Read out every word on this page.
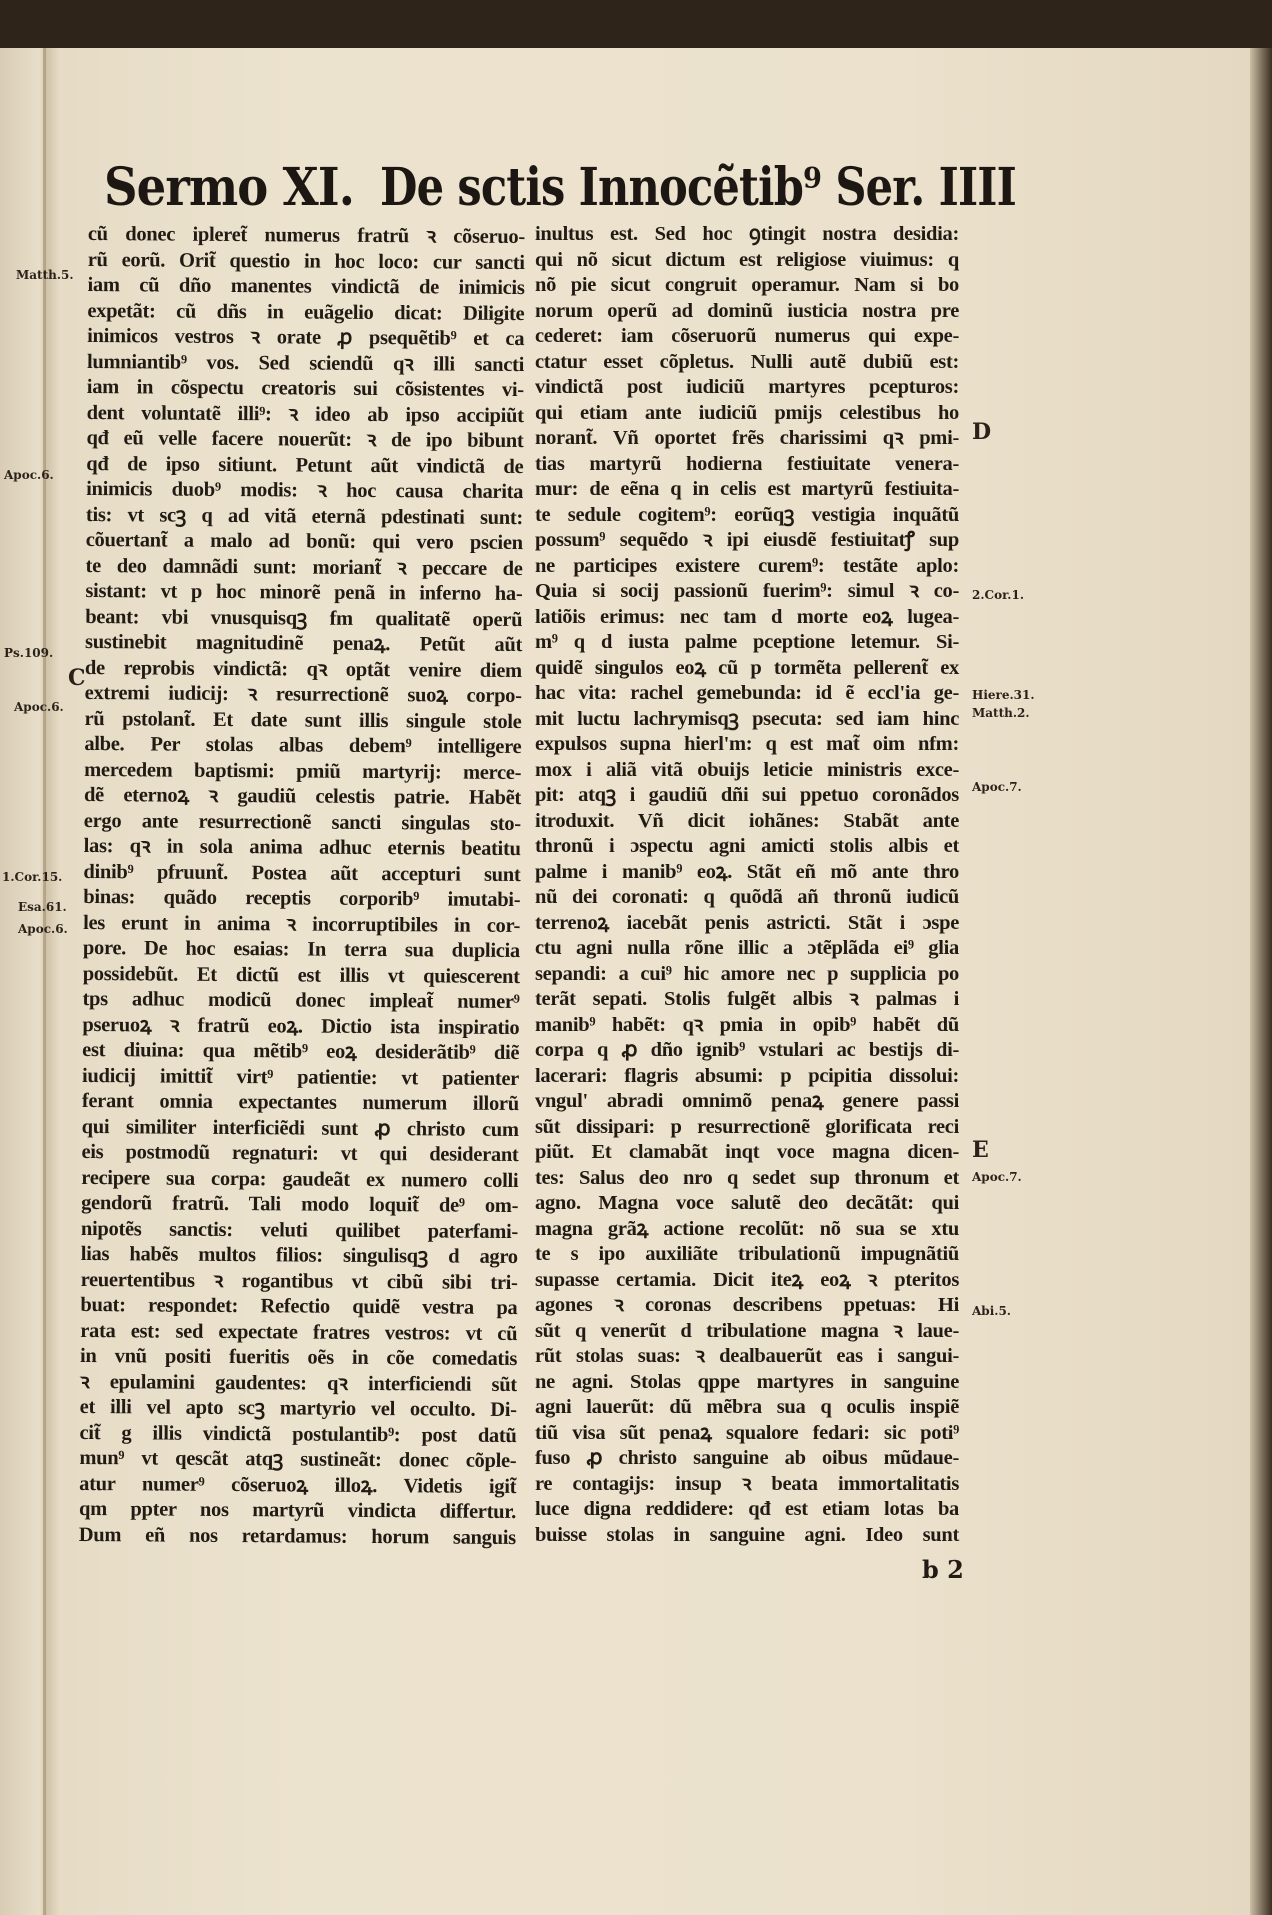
Sermo XI. De sctis Innocẽtib⁹ Ser. IIII
cũ donec ipleret̃ numerus fratrũ ꝛ cõseruo-
rũ eorũ. Orit̃ questio in hoc loco: cur sancti
iam cũ dño manentes vindictã de inimicis
expetãt: cũ dñs in euãgelio dicat: Diligite
inimicos vestros ꝛ orate ꝓ psequẽtib⁹ et ca
lumniantib⁹ vos. Sed sciendũ qꝛ illi sancti
iam in cõspectu creatoris sui cõsistentes vi-
dent voluntatẽ illi⁹: ꝛ ideo ab ipso accipiũt
qđ eũ velle facere nouerũt: ꝛ de ipo bibunt
qđ de ipso sitiunt. Petunt aũt vindictã de
inimicis duob⁹ modis: ꝛ hoc causa charita
tis: vt scꝫ q ad vitã eternã pdestinati sunt:
cõuertant̃ a malo ad bonũ: qui vero pscien
te deo damnãdi sunt: moriant̃ ꝛ peccare de
sistant: vt p hoc minorẽ penã in inferno ha-
beant: vbi vnusquisqꝫ fm qualitatẽ operũ
sustinebit magnitudinẽ penaꝝ. Petũt aũt
de reprobis vindictã: qꝛ optãt venire diem
extremi iudicij: ꝛ resurrectionẽ suoꝝ corpo-
rũ pstolant̃. Et date sunt illis singule stole
albe. Per stolas albas debem⁹ intelligere
mercedem baptismi: pmiũ martyrij: merce-
dẽ eternoꝝ ꝛ gaudiũ celestis patrie. Habẽt
ergo ante resurrectionẽ sancti singulas sto-
las: qꝛ in sola anima adhuc eternis beatitu
dinib⁹ pfruunt̃. Postea aũt accepturi sunt
binas: quãdo receptis corporib⁹ imutabi-
les erunt in anima ꝛ incorruptibiles in cor-
pore. De hoc esaias: In terra sua duplicia
possidebũt. Et dictũ est illis vt quiescerent
tps adhuc modicũ donec impleat̃ numer⁹
pseruoꝝ ꝛ fratrũ eoꝝ. Dictio ista inspiratio
est diuina: qua mẽtib⁹ eoꝝ desiderãtib⁹ diẽ
iudicij imittit̃ virt⁹ patientie: vt patienter
ferant omnia expectantes numerum illorũ
qui similiter interficiẽdi sunt ꝓ christo cum
eis postmodũ regnaturi: vt qui desiderant
recipere sua corpa: gaudeãt ex numero colli
gendorũ fratrũ. Tali modo loquit̃ de⁹ om-
nipotẽs sanctis: veluti quilibet paterfami-
lias habẽs multos filios: singulisqꝫ d agro
reuertentibus ꝛ rogantibus vt cibũ sibi tri-
buat: respondet: Refectio quidẽ vestra pa
rata est: sed expectate fratres vestros: vt cũ
in vnũ positi fueritis oẽs in cõe comedatis
ꝛ epulamini gaudentes: qꝛ interficiendi sũt
et illi vel apto scꝫ martyrio vel occulto. Di-
cit̃ g illis vindictã postulantib⁹: post datũ
mun⁹ vt qescãt atqꝫ sustineãt: donec cõple-
atur numer⁹ cõseruoꝝ illoꝝ. Videtis igit̃
qm ppter nos martyrũ vindicta differtur.
Dum eñ nos retardamus: horum sanguis
inultus est. Sed hoc ꝯtingit nostra desidia:
qui nõ sicut dictum est religiose viuimus: q
nõ pie sicut congruit operamur. Nam si bo
norum operũ ad dominũ iusticia nostra pre
cederet: iam cõseruorũ numerus qui expe-
ctatur esset cõpletus. Nulli autẽ dubiũ est:
vindictã post iudiciũ martyres pcepturos:
qui etiam ante iudiciũ pmijs celestibus ho
norant̃. Vñ oportet frẽs charissimi qꝛ pmi-
tias martyrũ hodierna festiuitate venera-
mur: de eẽna q in celis est martyrũ festiuita-
te sedule cogitem⁹: eorũqꝫ vestigia inquãtũ
possum⁹ sequẽdo ꝛ ipi eiusdẽ festiuitatꝭ sup
ne participes existere curem⁹: testãte aplo:
Quia si socij passionũ fuerim⁹: simul ꝛ co-
latiõis erimus: nec tam d morte eoꝝ lugea-
m⁹ q d iusta palme pceptione letemur. Si-
quidẽ singulos eoꝝ cũ p tormẽta pellerent̃ ex
hac vita: rachel gemebunda: id ẽ eccl'ia ge-
mit luctu lachrymisqꝫ psecuta: sed iam hinc
expulsos supna hierl'm: q est mat̃ oim nfm:
mox i aliã vitã obuijs leticie ministris exce-
pit: atqꝫ i gaudiũ dñi sui ppetuo coronãdos
itroduxit. Vñ dicit iohãnes: Stabãt ante
thronũ i ɔspectu agni amicti stolis albis et
palme i manib⁹ eoꝝ. Stãt eñ mõ ante thro
nũ dei coronati: q quõdã añ thronũ iudicũ
terrenoꝝ iacebãt penis astricti. Stãt i ɔspe
ctu agni nulla rõne illic a ɔtẽplãda ei⁹ glia
sepandi: a cui⁹ hic amore nec p supplicia po
terãt sepati. Stolis fulgẽt albis ꝛ palmas i
manib⁹ habẽt: qꝛ pmia in opib⁹ habẽt dũ
corpa q ꝓ dño ignib⁹ vstulari ac bestijs di-
lacerari: flagris absumi: p pcipitia dissolui:
vngul' abradi omnimõ penaꝝ genere passi
sũt dissipari: p resurrectionẽ glorificata reci
piũt. Et clamabãt inqt voce magna dicen-
tes: Salus deo nro q sedet sup thronum et
agno. Magna voce salutẽ deo decãtãt: qui
magna grãꝝ actione recolũt: nõ sua se xtu
te s ipo auxiliãte tribulationũ impugnãtiũ
supasse certamia. Dicit iteꝝ eoꝝ ꝛ pteritos
agones ꝛ coronas describens ppetuas: Hi
sũt q venerũt d tribulatione magna ꝛ laue-
rũt stolas suas: ꝛ dealbauerũt eas i sangui-
ne agni. Stolas qppe martyres in sanguine
agni lauerũt: dũ mẽbra sua q oculis inspiẽ
tiũ visa sũt penaꝝ squalore fedari: sic poti⁹
fuso ꝓ christo sanguine ab oibus mũdaue-
re contagijs: insup ꝛ beata immortalitatis
luce digna reddidere: qđ est etiam lotas ba
buisse stolas in sanguine agni. Ideo sunt
Matth.5.
Apoc.6.
Ps.109.
C
Apoc.6.
1.Cor.15.
Esa.61.
Apoc.6.
D
2.Cor.1.
Hiere.31.
Matth.2.
Apoc.7.
E
Apoc.7.
Abi.5.
b 2
